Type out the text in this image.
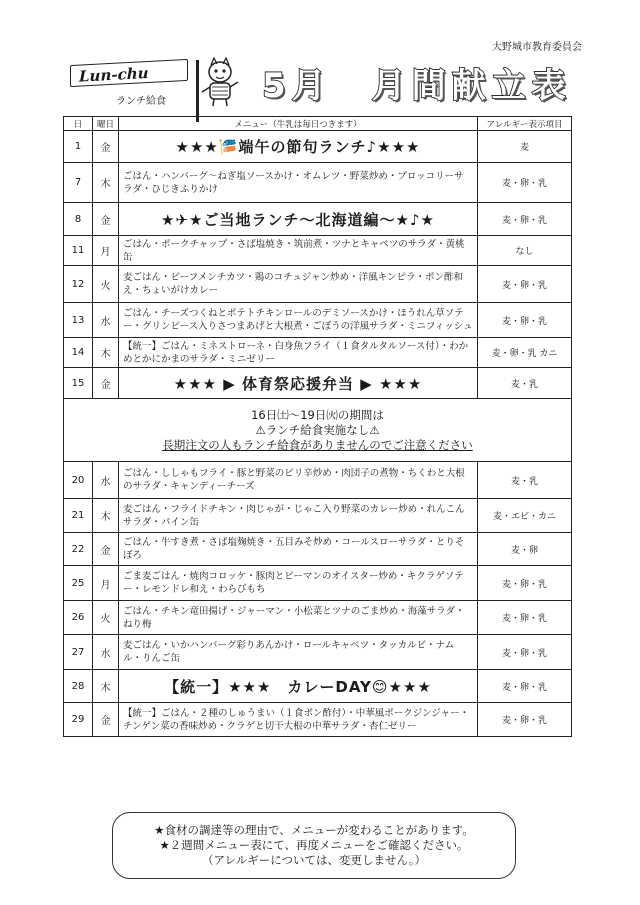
大野城市教育委員会
Lun-chu
ランチ給食	5月　月間献立表
日	曜日	メニュー（牛乳は毎日つきます）	アレルギー表示項目
1	金	★★★🎏端午の節句ランチ♪★★★	麦
7	木	ごはん・ハンバーグ〜ねぎ塩ソースかけ・オムレツ・野菜炒め・ブロッコリーサラダ・ひじきふりかけ	麦・卵・乳
8	金	★✈★ご当地ランチ〜北海道編〜★♪★	麦・卵・乳
11	月	ごはん・ポークチャップ・さば塩焼き・筑前煮・ツナとキャベツのサラダ・黄桃缶	なし
12	火	麦ごはん・ビーフメンチカツ・鶏のコチュジャン炒め・洋風キンピラ・ポン酢和え・ちょいがけカレー	麦・卵・乳
13	水	ごはん・チーズつくねとポテトチキンロールのデミソースかけ・ほうれん草ソテー・グリンピース入りさつまあげと大根煮・ごぼうの洋風サラダ・ミニフィッシュ	麦・卵・乳
14	木	【統一】ごはん・ミネストローネ・白身魚フライ（１食タルタルソース付）・わかめとかにかまのサラダ・ミニゼリー	麦・卵・乳 カニ
15	金	★★★ ▶ 体育祭応援弁当 ▶ ★★★	麦・乳

16日㈯〜19日㈫の期間は
⚠ランチ給食実施なし⚠
長期注文の人もランチ給食がありませんのでご注意ください			

20	水	ごはん・ししゃもフライ・豚と野菜のピリ辛炒め・肉団子の煮物・ちくわと大根のサラダ・キャンディーチーズ	麦・乳
21	木	麦ごはん・フライドチキン・肉じゃが・じゃこ入り野菜のカレー炒め・れんこんサラダ・パイン缶	麦・エビ・カニ
22	金	ごはん・牛すき煮・さば塩麹焼き・五目みそ炒め・コールスローサラダ・とりそぼろ	麦・卵
25	月	ごま麦ごはん・焼肉コロッケ・豚肉とピーマンのオイスター炒め・キクラゲソテー・レモンドレ和え・わらびもち	麦・卵・乳
26	火	ごはん・チキン竜田揚げ・ジャーマン・小松菜とツナのごま炒め・海藻サラダ・ねり梅	麦・卵・乳
27	水	麦ごはん・いかハンバーグ彩りあんかけ・ロールキャベツ・タッカルビ・ナムル・りんご缶	麦・卵・乳
28	木	【統一】★★★　カレーDAY😊★★★	麦・卵・乳
29	金	【統一】ごはん・２種のしゅうまい（１食ポン酢付）・中華風ポークジンジャー・チンゲン菜の香味炒め・クラゲと切干大根の中華サラダ・杏仁ゼリー	麦・卵・乳
★食材の調達等の理由で、メニューが変わることがあります。
★２週間メニュー表にて、再度メニューをご確認ください。
（アレルギーについては、変更しません。）
